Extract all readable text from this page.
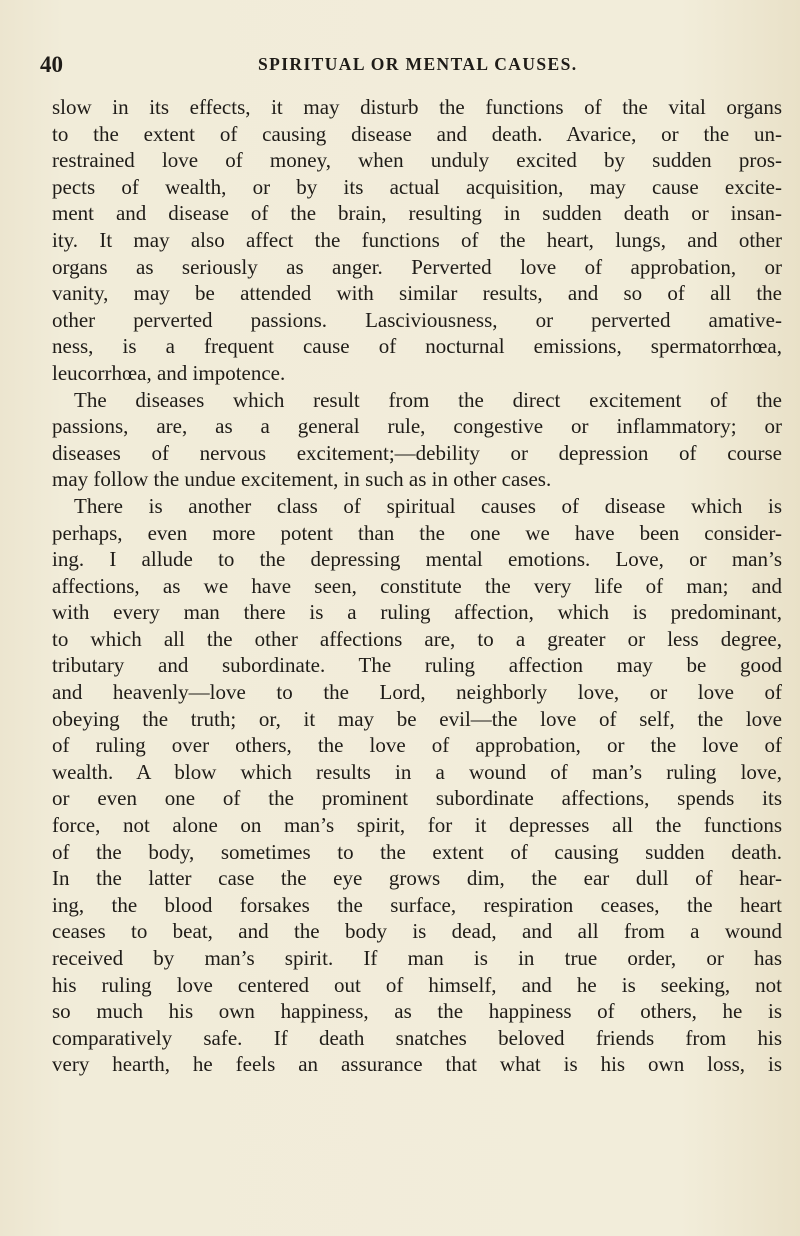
40	SPIRITUAL OR MENTAL CAUSES.
slow in its effects, it may disturb the functions of the vital organs
to the extent of causing disease and death. Avarice, or the un-
restrained love of money, when unduly excited by sudden pros-
pects of wealth, or by its actual acquisition, may cause excite-
ment and disease of the brain, resulting in sudden death or insan-
ity. It may also affect the functions of the heart, lungs, and other
organs as seriously as anger. Perverted love of approbation, or
vanity, may be attended with similar results, and so of all the
other perverted passions. Lasciviousness, or perverted amative-
ness, is a frequent cause of nocturnal emissions, spermatorrhœa,
leucorrhœa, and impotence.
The diseases which result from the direct excitement of the
passions, are, as a general rule, congestive or inflammatory; or
diseases of nervous excitement;—debility or depression of course
may follow the undue excitement, in such as in other cases.
There is another class of spiritual causes of disease which is
perhaps, even more potent than the one we have been consider-
ing. I allude to the depressing mental emotions. Love, or man’s
affections, as we have seen, constitute the very life of man; and
with every man there is a ruling affection, which is predominant,
to which all the other affections are, to a greater or less degree,
tributary and subordinate. The ruling affection may be good
and heavenly—love to the Lord, neighborly love, or love of
obeying the truth; or, it may be evil—the love of self, the love
of ruling over others, the love of approbation, or the love of
wealth. A blow which results in a wound of man’s ruling love,
or even one of the prominent subordinate affections, spends its
force, not alone on man’s spirit, for it depresses all the functions
of the body, sometimes to the extent of causing sudden death.
In the latter case the eye grows dim, the ear dull of hear-
ing, the blood forsakes the surface, respiration ceases, the heart
ceases to beat, and the body is dead, and all from a wound
received by man’s spirit. If man is in true order, or has
his ruling love centered out of himself, and he is seeking, not
so much his own happiness, as the happiness of others, he is
comparatively safe. If death snatches beloved friends from his
very hearth, he feels an assurance that what is his own loss, is
